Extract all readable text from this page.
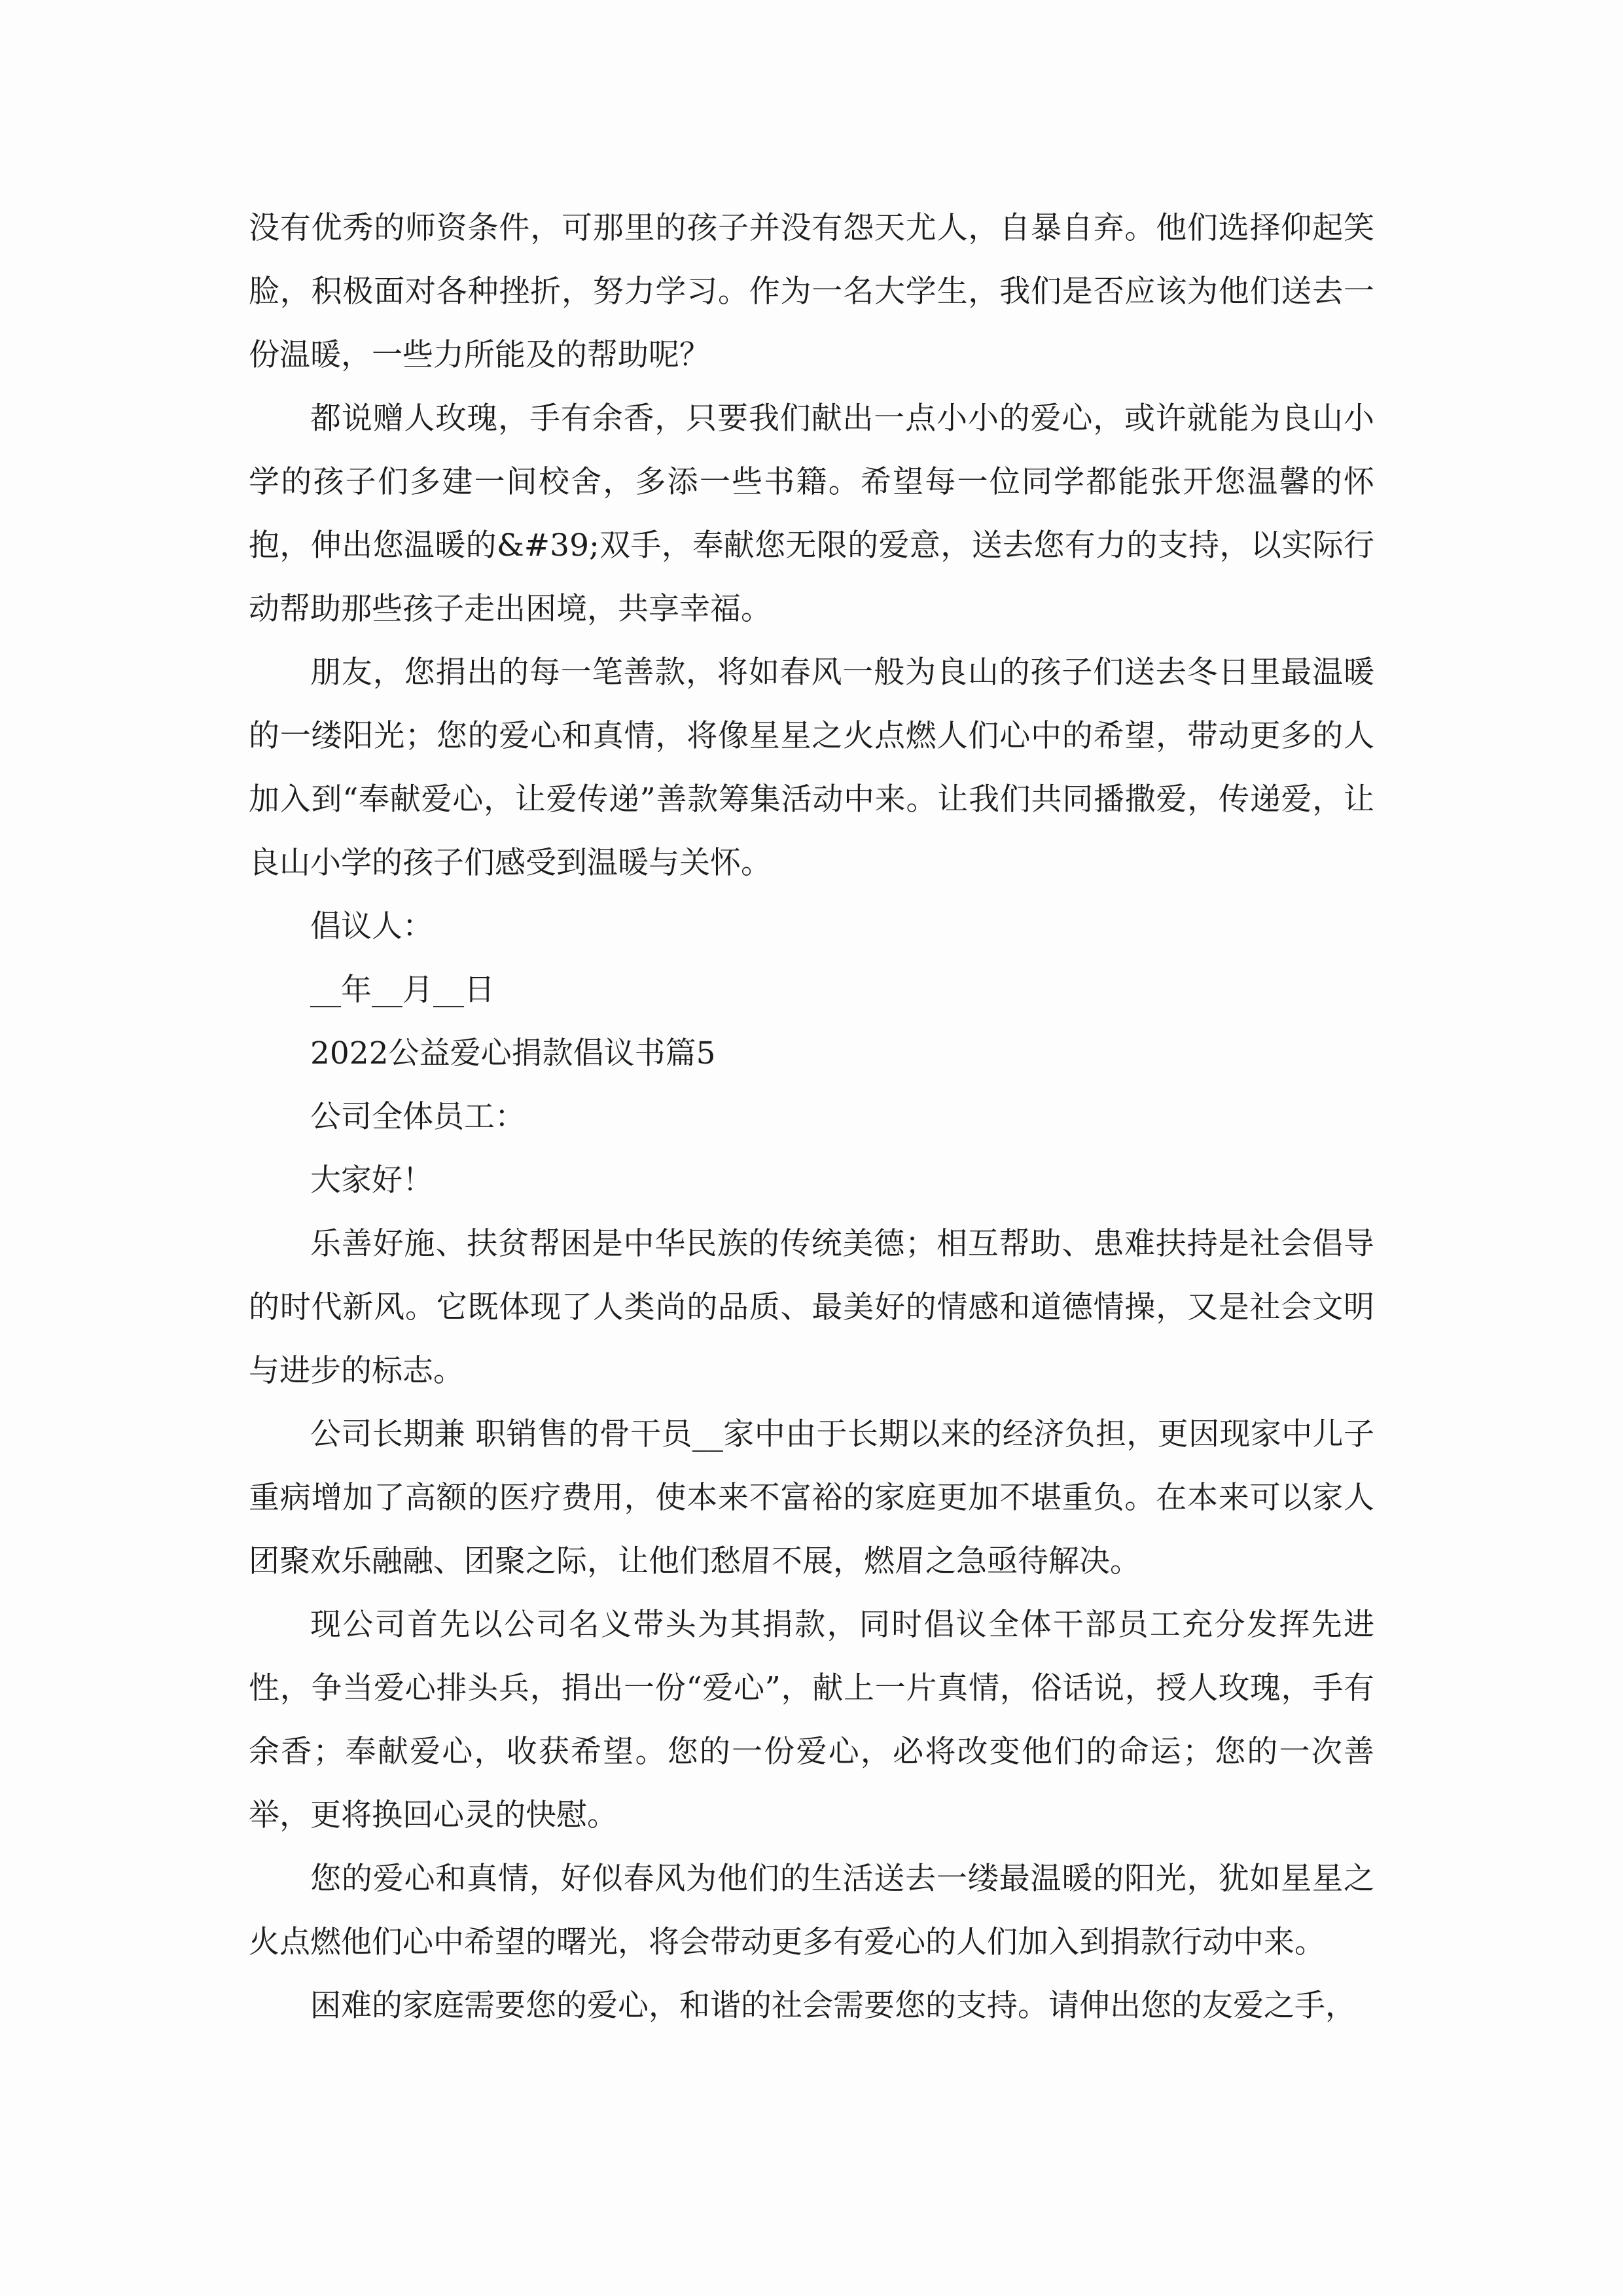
没有优秀的师资条件，可那里的孩子并没有怨天尤人，自暴自弃。他们选择仰起笑脸，积极面对各种挫折，努力学习。作为一名大学生，我们是否应该为他们送去一份温暖，一些力所能及的帮助呢？

都说赠人玫瑰，手有余香，只要我们献出一点小小的爱心，或许就能为良山小学的孩子们多建一间校舍，多添一些书籍。希望每一位同学都能张开您温馨的怀抱，伸出您温暖的&#39;双手，奉献您无限的爱意，送去您有力的支持，以实际行动帮助那些孩子走出困境，共享幸福。

朋友，您捐出的每一笔善款，将如春风一般为良山的孩子们送去冬日里最温暖的一缕阳光；您的爱心和真情，将像星星之火点燃人们心中的希望，带动更多的人加入到“奉献爱心，让爱传递”善款筹集活动中来。让我们共同播撒爱，传递爱，让良山小学的孩子们感受到温暖与关怀。

倡议人：

__年__月__日

2022公益爱心捐款倡议书篇5

公司全体员工：

大家好！

乐善好施、扶贫帮困是中华民族的传统美德；相互帮助、患难扶持是社会倡导的时代新风。它既体现了人类尚的品质、最美好的情感和道德情操，又是社会文明与进步的标志。

公司长期兼 职销售的骨干员__家中由于长期以来的经济负担，更因现家中儿子重病增加了高额的医疗费用，使本来不富裕的家庭更加不堪重负。在本来可以家人团聚欢乐融融、团聚之际，让他们愁眉不展，燃眉之急亟待解决。

现公司首先以公司名义带头为其捐款，同时倡议全体干部员工充分发挥先进性，争当爱心排头兵，捐出一份“爱心”，献上一片真情，俗话说，授人玫瑰，手有余香；奉献爱心，收获希望。您的一份爱心，必将改变他们的命运；您的一次善举，更将换回心灵的快慰。

您的爱心和真情，好似春风为他们的生活送去一缕最温暖的阳光，犹如星星之火点燃他们心中希望的曙光，将会带动更多有爱心的人们加入到捐款行动中来。

困难的家庭需要您的爱心，和谐的社会需要您的支持。请伸出您的友爱之手，
